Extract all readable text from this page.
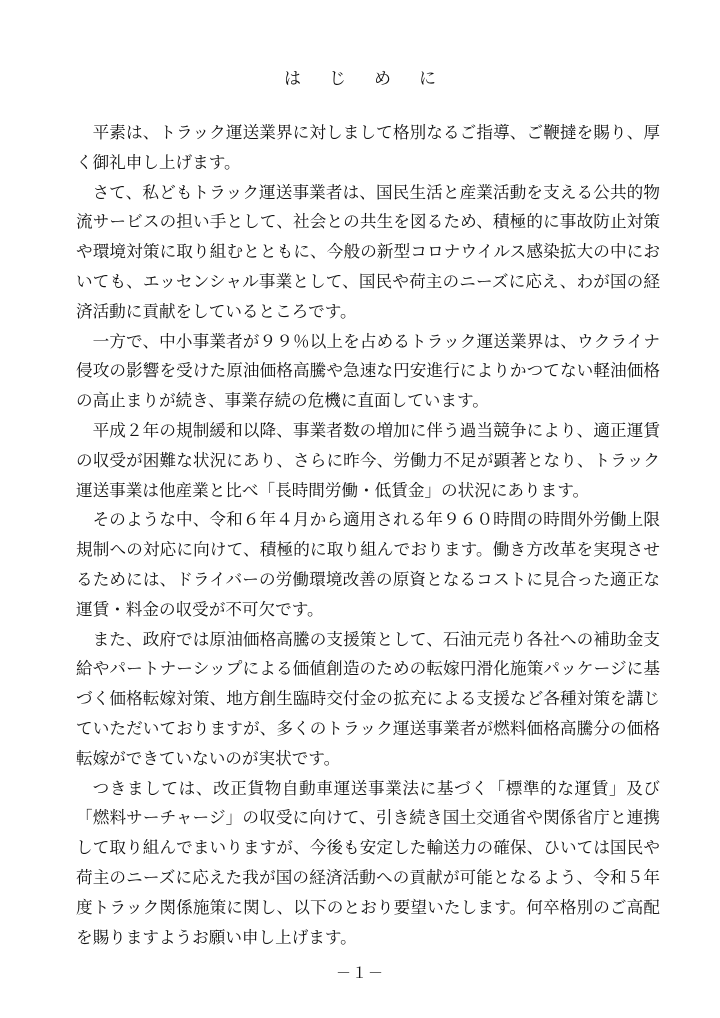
はじめに

平素は、トラック運送業界に対しまして格別なるご指導、ご鞭撻を賜り、厚く御礼申し上げます。

さて、私どもトラック運送事業者は、国民生活と産業活動を支える公共的物流サービスの担い手として、社会との共生を図るため、積極的に事故防止対策や環境対策に取り組むとともに、今般の新型コロナウイルス感染拡大の中においても、エッセンシャル事業として、国民や荷主のニーズに応え、わが国の経済活動に貢献をしているところです。

一方で、中小事業者が９９％以上を占めるトラック運送業界は、ウクライナ侵攻の影響を受けた原油価格高騰や急速な円安進行によりかつてない軽油価格の高止まりが続き、事業存続の危機に直面しています。

平成２年の規制緩和以降、事業者数の増加に伴う過当競争により、適正運賃の収受が困難な状況にあり、さらに昨今、労働力不足が顕著となり、トラック運送事業は他産業と比べ「長時間労働・低賃金」の状況にあります。

そのような中、令和６年４月から適用される年９６０時間の時間外労働上限規制への対応に向けて、積極的に取り組んでおります。働き方改革を実現させるためには、ドライバーの労働環境改善の原資となるコストに見合った適正な運賃・料金の収受が不可欠です。

また、政府では原油価格高騰の支援策として、石油元売り各社への補助金支給やパートナーシップによる価値創造のための転嫁円滑化施策パッケージに基づく価格転嫁対策、地方創生臨時交付金の拡充による支援など各種対策を講じていただいておりますが、多くのトラック運送事業者が燃料価格高騰分の価格転嫁ができていないのが実状です。

つきましては、改正貨物自動車運送事業法に基づく「標準的な運賃」及び「燃料サーチャージ」の収受に向けて、引き続き国土交通省や関係省庁と連携して取り組んでまいりますが、今後も安定した輸送力の確保、ひいては国民や荷主のニーズに応えた我が国の経済活動への貢献が可能となるよう、令和５年度トラック関係施策に関し、以下のとおり要望いたします。何卒格別のご高配を賜りますようお願い申し上げます。

－１－
